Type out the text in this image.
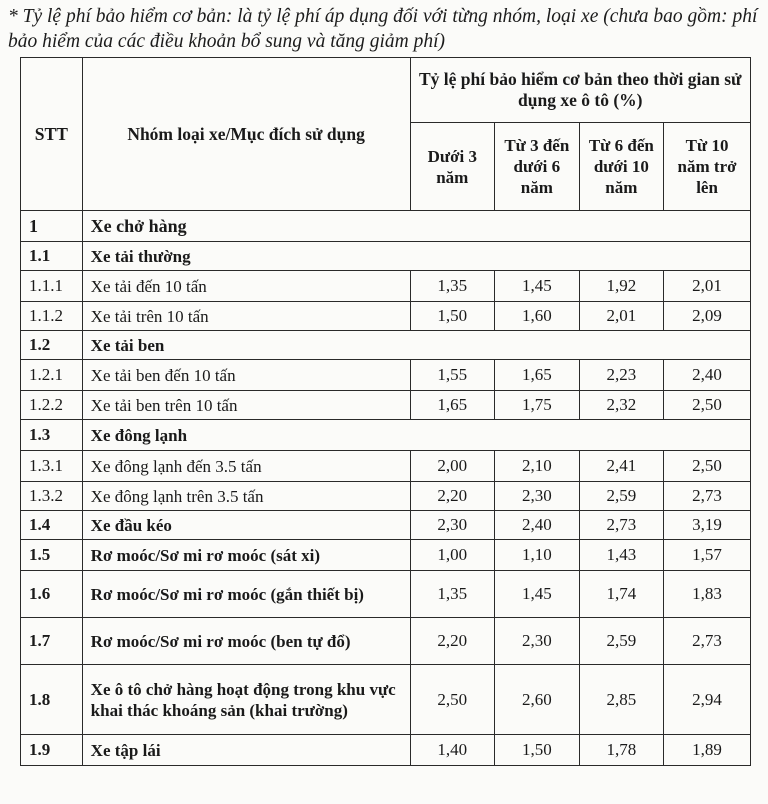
* Tỷ lệ phí bảo hiểm cơ bản: là tỷ lệ phí áp dụng đối với từng nhóm, loại xe (chưa bao gồm: phí bảo hiểm của các điều khoản bổ sung và tăng giảm phí)
STT	Nhóm loại xe/Mục đích sử dụng	Tỷ lệ phí bảo hiểm cơ bản theo thời gian sử dụng xe ô tô (%)			
		Dưới 3 năm	Từ 3 đến dưới 6 năm	Từ 6 đến dưới 10 năm	Từ 10 năm trở lên
1	Xe chở hàng				
1.1	Xe tải thường				
1.1.1	Xe tải đến 10 tấn	1,35	1,45	1,92	2,01
1.1.2	Xe tải trên 10 tấn	1,50	1,60	2,01	2,09
1.2	Xe tải ben				
1.2.1	Xe tải ben đến 10 tấn	1,55	1,65	2,23	2,40
1.2.2	Xe tải ben trên 10 tấn	1,65	1,75	2,32	2,50
1.3	Xe đông lạnh				
1.3.1	Xe đông lạnh đến 3.5 tấn	2,00	2,10	2,41	2,50
1.3.2	Xe đông lạnh trên 3.5 tấn	2,20	2,30	2,59	2,73
1.4	Xe đầu kéo	2,30	2,40	2,73	3,19
1.5	Rơ moóc/Sơ mi rơ moóc (sát xi)	1,00	1,10	1,43	1,57
1.6	Rơ moóc/Sơ mi rơ moóc (gắn thiết bị)	1,35	1,45	1,74	1,83
1.7	Rơ moóc/Sơ mi rơ moóc (ben tự đổ)	2,20	2,30	2,59	2,73
1.8	Xe ô tô chở hàng hoạt động trong khu vực khai thác khoáng sản (khai trường)	2,50	2,60	2,85	2,94
1.9	Xe tập lái	1,40	1,50	1,78	1,89
